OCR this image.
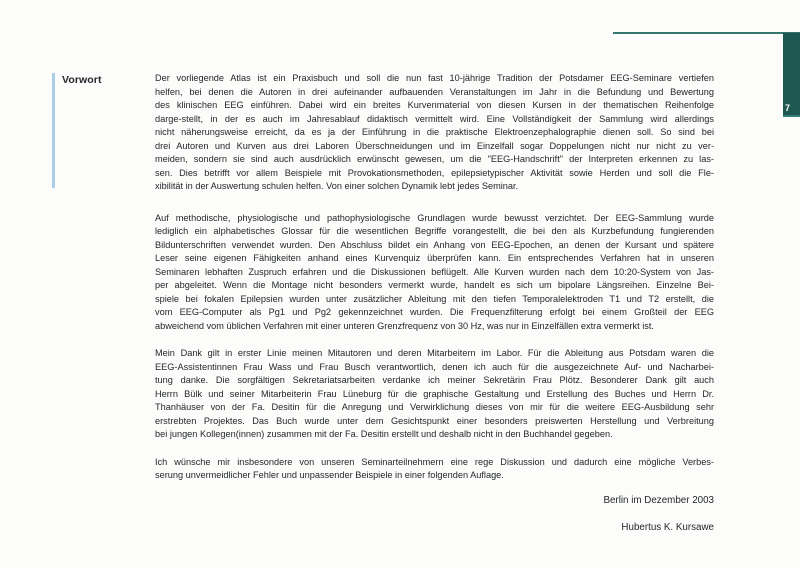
7
Vorwort	Der vorliegende Atlas ist ein Praxisbuch und soll die nun fast 10-jährige Tradition der Potsdamer EEG-Seminare vertiefen
helfen, bei denen die Autoren in drei aufeinander aufbauenden Veranstaltungen im Jahr in die Befundung und Bewertung
des klinischen EEG einführen. Dabei wird ein breites Kurvenmaterial von diesen Kursen in der thematischen Reihenfolge
darge-stellt, in der es auch im Jahresablauf didaktisch vermittelt wird. Eine Vollständigkeit der Sammlung wird allerdings
nicht näherungsweise erreicht, da es ja der Einführung in die praktische Elektroenzephalographie dienen soll. So sind bei
drei Autoren und Kurven aus drei Laboren Überschneidungen und im Einzelfall sogar Doppelungen nicht nur nicht zu ver-
meiden, sondern sie sind auch ausdrücklich erwünscht gewesen, um die "EEG-Handschrift" der Interpreten erkennen zu las-
sen. Dies betrifft vor allem Beispiele mit Provokationsmethoden, epilepsietypischer Aktivität sowie Herden und soll die Fle-
xibilität in der Auswertung schulen helfen. Von einer solchen Dynamik lebt jedes Seminar.
Auf methodische, physiologische und pathophysiologische Grundlagen wurde bewusst verzichtet. Der EEG-Sammlung wurde
lediglich ein alphabetisches Glossar für die wesentlichen Begriffe vorangestellt, die bei den als Kurzbefundung fungierenden
Bildunterschriften verwendet wurden. Den Abschluss bildet ein Anhang von EEG-Epochen, an denen der Kursant und spätere
Leser seine eigenen Fähigkeiten anhand eines Kurvenquiz überprüfen kann. Ein entsprechendes Verfahren hat in unseren
Seminaren lebhaften Zuspruch erfahren und die Diskussionen beflügelt. Alle Kurven wurden nach dem 10:20-System von Jas-
per abgeleitet. Wenn die Montage nicht besonders vermerkt wurde, handelt es sich um bipolare Längsreihen. Einzelne Bei-
spiele bei fokalen Epilepsien wurden unter zusätzlicher Ableitung mit den tiefen Temporalelektroden T1 und T2 erstellt, die
vom EEG-Computer als Pg1 und Pg2 gekennzeichnet wurden. Die Frequenzfilterung erfolgt bei einem Großteil der EEG
abweichend vom üblichen Verfahren mit einer unteren Grenzfrequenz von 30 Hz, was nur in Einzelfällen extra vermerkt ist.
Mein Dank gilt in erster Linie meinen Mitautoren und deren Mitarbeitern im Labor. Für die Ableitung aus Potsdam waren die
EEG-Assistentinnen Frau Wass und Frau Busch verantwortlich, denen ich auch für die ausgezeichnete Auf- und Nacharbei-
tung danke. Die sorgfältigen Sekretariatsarbeiten verdanke ich meiner Sekretärin Frau Plötz. Besonderer Dank gilt auch
Herrn Bülk und seiner Mitarbeiterin Frau Lüneburg für die graphische Gestaltung und Erstellung des Buches und Herrn Dr.
Thanhäuser von der Fa. Desitin für die Anregung und Verwirklichung dieses von mir für die weitere EEG-Ausbildung sehr
erstrebten Projektes. Das Buch wurde unter dem Gesichtspunkt einer besonders preiswerten Herstellung und Verbreitung
bei jungen Kollegen(innen) zusammen mit der Fa. Desitin erstellt und deshalb nicht in den Buchhandel gegeben.
Ich wünsche mir insbesondere von unseren Seminarteilnehmern eine rege Diskussion und dadurch eine mögliche Verbes-
serung unvermeidlicher Fehler und unpassender Beispiele in einer folgenden Auflage.
Berlin im Dezember 2003
Hubertus K. Kursawe
